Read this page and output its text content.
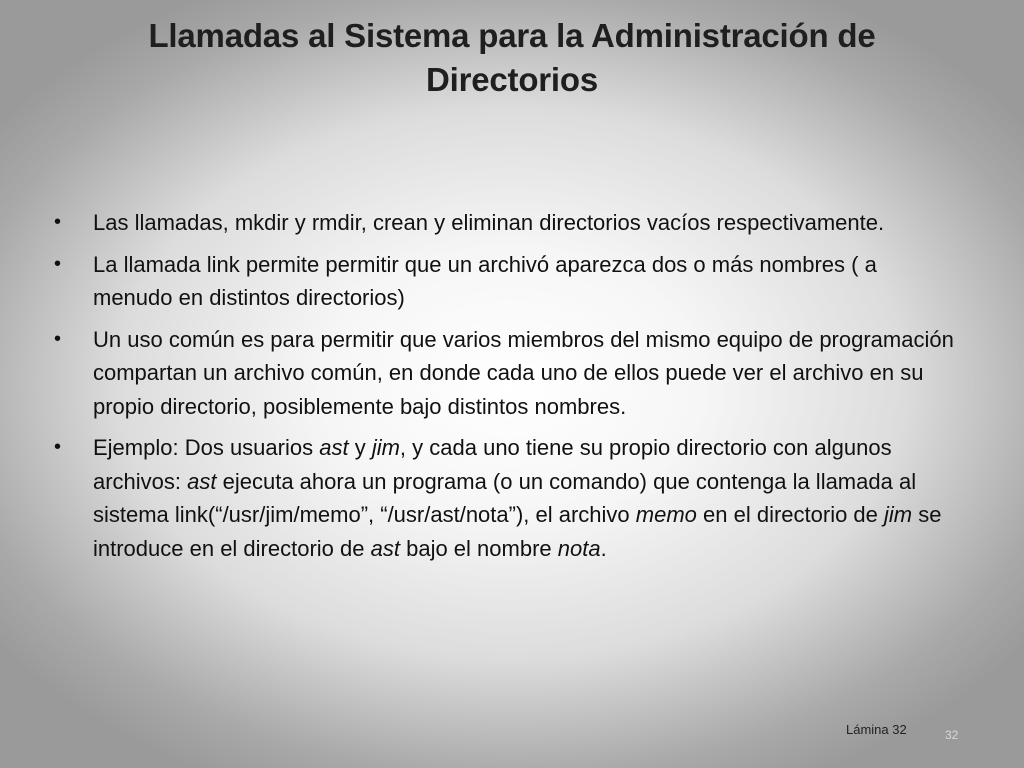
Llamadas al Sistema para la Administración de Directorios
• Las llamadas, mkdir y rmdir, crean y eliminan directorios vacíos respectivamente.
• La llamada link permite permitir que un archivó aparezca dos o más nombres ( a menudo en distintos directorios)
• Un uso común es para permitir que varios miembros del mismo equipo de programación compartan un archivo común, en donde cada uno de ellos puede ver el archivo en su propio directorio, posiblemente bajo distintos nombres.
• Ejemplo: Dos usuarios ast y jim, y cada uno tiene su propio directorio con algunos archivos: ast ejecuta ahora un programa (o un comando) que contenga la llamada al sistema link(“/usr/jim/memo”, “/usr/ast/nota”), el archivo memo en el directorio de jim se introduce en el directorio de ast bajo el nombre nota.
Lámina 32	32
